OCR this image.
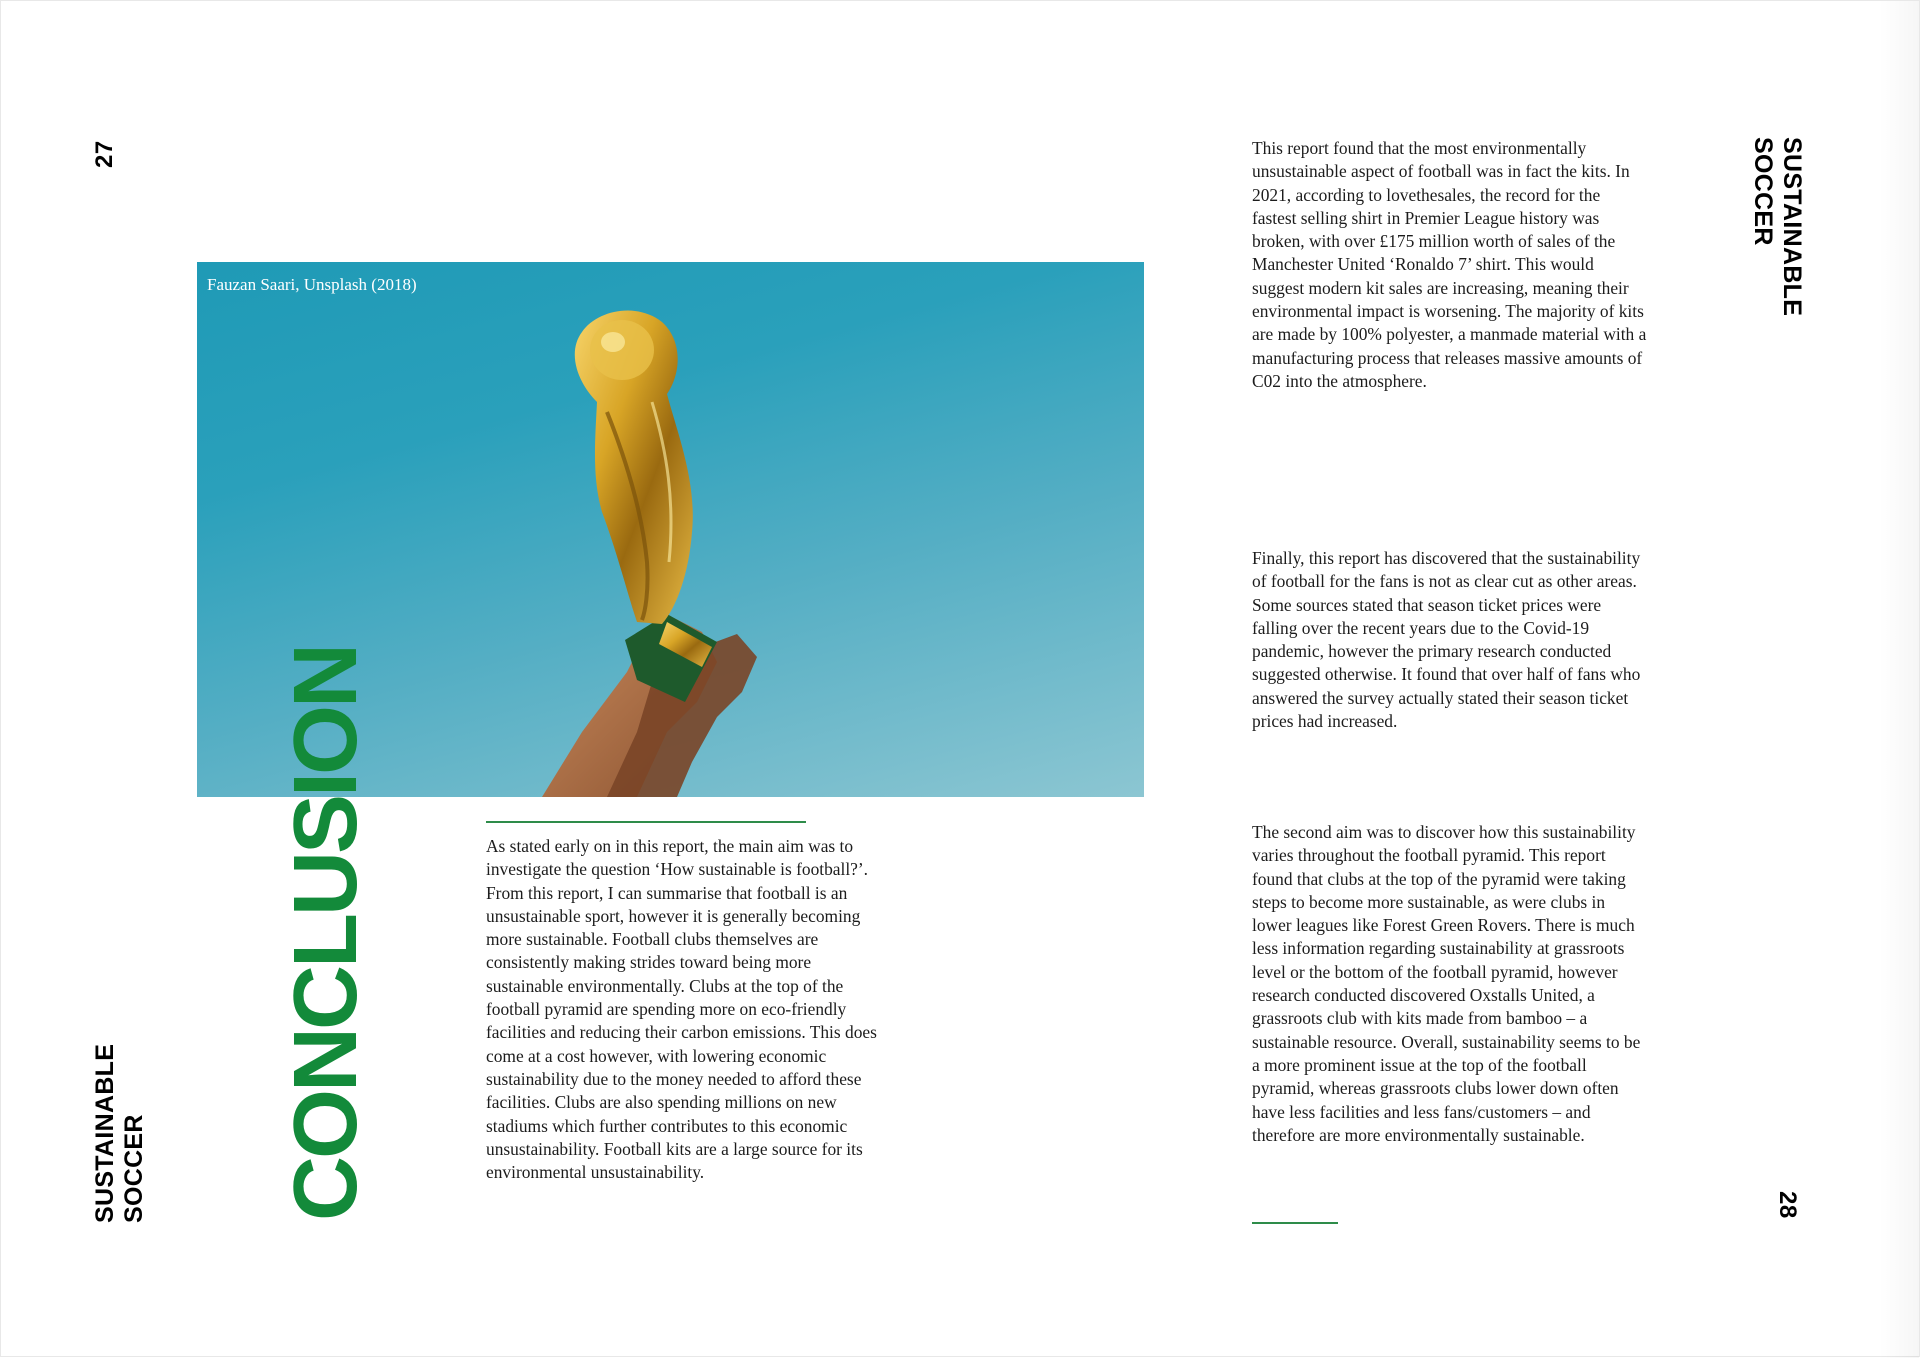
27
SUSTAINABLE SOCCER
Fauzan Saari, Unsplash (2018)
CONCLUSION	As stated early on in this report, the main aim was to investigate the question ‘How sustainable is football?’. From this report, I can summarise that football is an unsustainable sport, however it is generally becoming more sustainable. Football clubs themselves are consistently making strides toward being more sustainable environmentally. Clubs at the top of the football pyramid are spending more on eco-friendly facilities and reducing their carbon emissions. This does come at a cost however, with lowering economic sustainability due to the money needed to afford these facilities. Clubs are also spending millions on new stadiums which further contributes to this economic unsustainability. Football kits are a large source for its environmental unsustainability.

This report found that the most environmentally unsustainable aspect of football was in fact the kits. In 2021, according to lovethesales, the record for the fastest selling shirt in Premier League history was broken, with over £175 million worth of sales of the Manchester United ‘Ronaldo 7’ shirt. This would suggest modern kit sales are increasing, meaning their environmental impact is worsening. The majority of kits are made by 100% polyester, a manmade material with a manufacturing process that releases massive amounts of C02 into the atmosphere.

Finally, this report has discovered that the sustainability of football for the fans is not as clear cut as other areas. Some sources stated that season ticket prices were falling over the recent years due to the Covid-19 pandemic, however the primary research conducted suggested otherwise. It found that over half of fans who answered the survey actually stated their season ticket prices had increased.

The second aim was to discover how this sustainability varies throughout the football pyramid. This report found that clubs at the top of the pyramid were taking steps to become more sustainable, as were clubs in lower leagues like Forest Green Rovers. There is much less information regarding sustainability at grassroots level or the bottom of the football pyramid, however research conducted discovered Oxstalls United, a grassroots club with kits made from bamboo – a sustainable resource. Overall, sustainability seems to be a more prominent issue at the top of the football pyramid, whereas grassroots clubs lower down often have less facilities and less fans/customers – and therefore are more environmentally sustainable.

SUSTAINABLE
SOCCER
28
